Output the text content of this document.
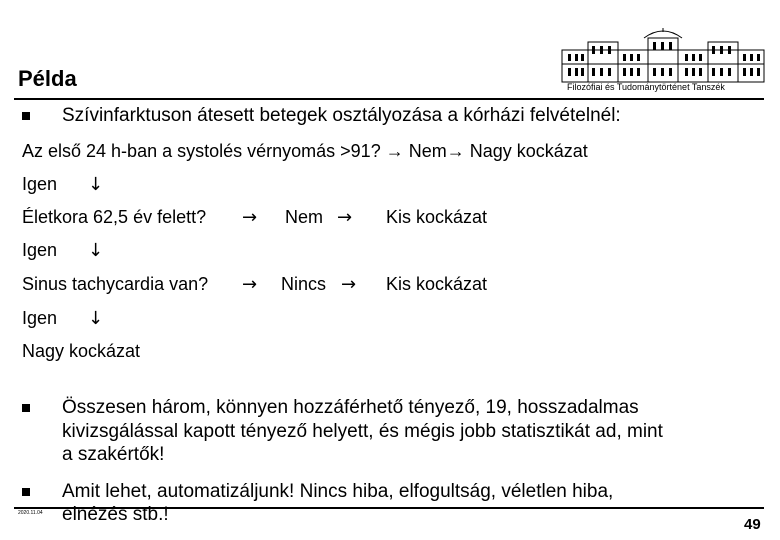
Filozófiai és Tudománytörténet Tanszék
Példa
Szívinfarktuson átesett betegek osztályozása a kórházi felvételnél:
Az első 24 h-ban a systolés vérnyomás >91? → Nem→ Nagy kockázat
Igen ↓
Életkora 62,5 év felett? → Nem → Kis kockázat
Igen ↓
Sinus tachycardia van? → Nincs → Kis kockázat
Igen ↓
Nagy kockázat
Összesen három, könnyen hozzáférhető tényező, 19, hosszadalmas
kivizsgálással kapott tényező helyett, és mégis jobb statisztikát ad, mint
a szakértők!
Amit lehet, automatizáljunk! Nincs hiba, elfogultság, véletlen hiba,
elnézés stb.!
2020.11.04
49
